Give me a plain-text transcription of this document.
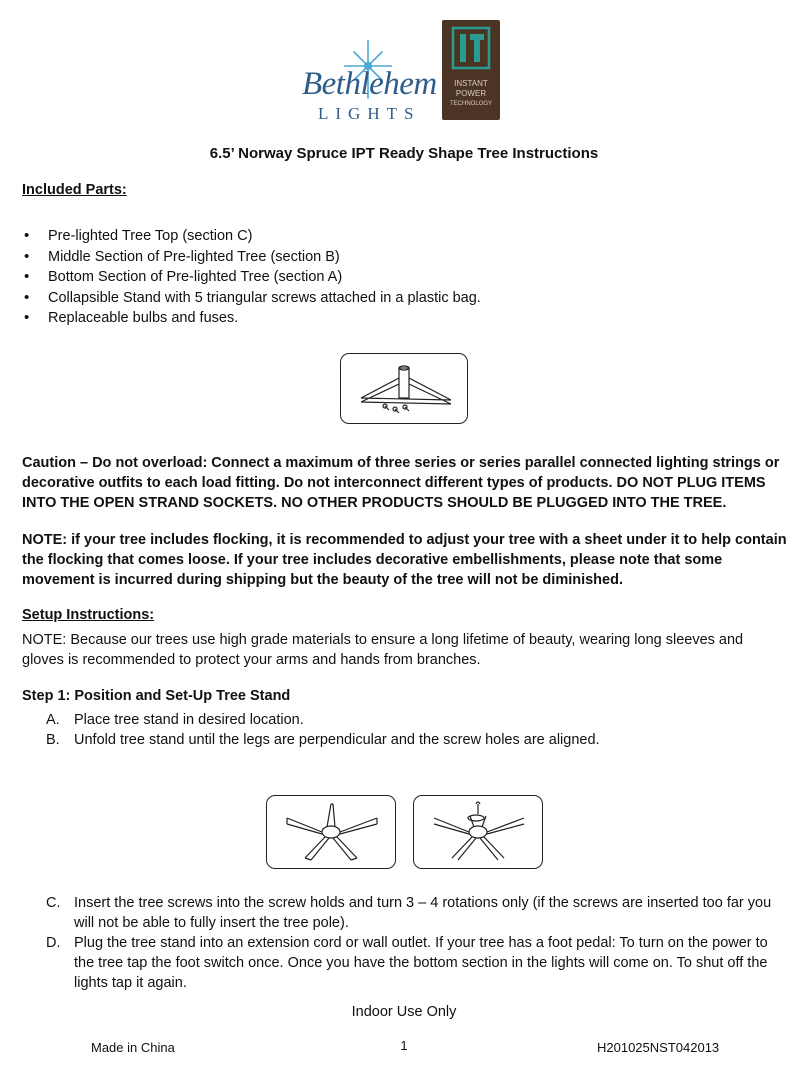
Bethlehem
LIGHTS
INSTANT
POWER
TECHNOLOGY
6.5’ Norway Spruce IPT Ready Shape Tree Instructions
Included Parts:
• Pre-lighted Tree Top (section C)
• Middle Section of Pre-lighted Tree (section B)
• Bottom Section of Pre-lighted Tree (section A)
• Collapsible Stand with 5 triangular screws attached in a plastic bag.
• Replaceable bulbs and fuses.
Caution – Do not overload: Connect a maximum of three series or series parallel connected lighting strings or decorative outfits to each load fitting. Do not interconnect different types of products. DO NOT PLUG ITEMS INTO THE OPEN STRAND SOCKETS. NO OTHER PRODUCTS SHOULD BE PLUGGED INTO THE TREE.
NOTE: if your tree includes flocking, it is recommended to adjust your tree with a sheet under it to help contain the flocking that comes loose. If your tree includes decorative embellishments, please note that some movement is incurred during shipping but the beauty of the tree will not be diminished.
Setup Instructions:
NOTE: Because our trees use high grade materials to ensure a long lifetime of beauty, wearing long sleeves and gloves is recommended to protect your arms and hands from branches.
Step 1: Position and Set-Up Tree Stand
A. Place tree stand in desired location.
B. Unfold tree stand until the legs are perpendicular and the screw holes are aligned.
C. Insert the tree screws into the screw holds and turn 3 – 4 rotations only (if the screws are inserted too far you will not be able to fully insert the tree pole).
D. Plug the tree stand into an extension cord or wall outlet. If your tree has a foot pedal: To turn on the power to the tree tap the foot switch once. Once you have the bottom section in the lights will come on. To shut off the lights tap it again.
Indoor Use Only
Made in China	1	H201025NST042013
